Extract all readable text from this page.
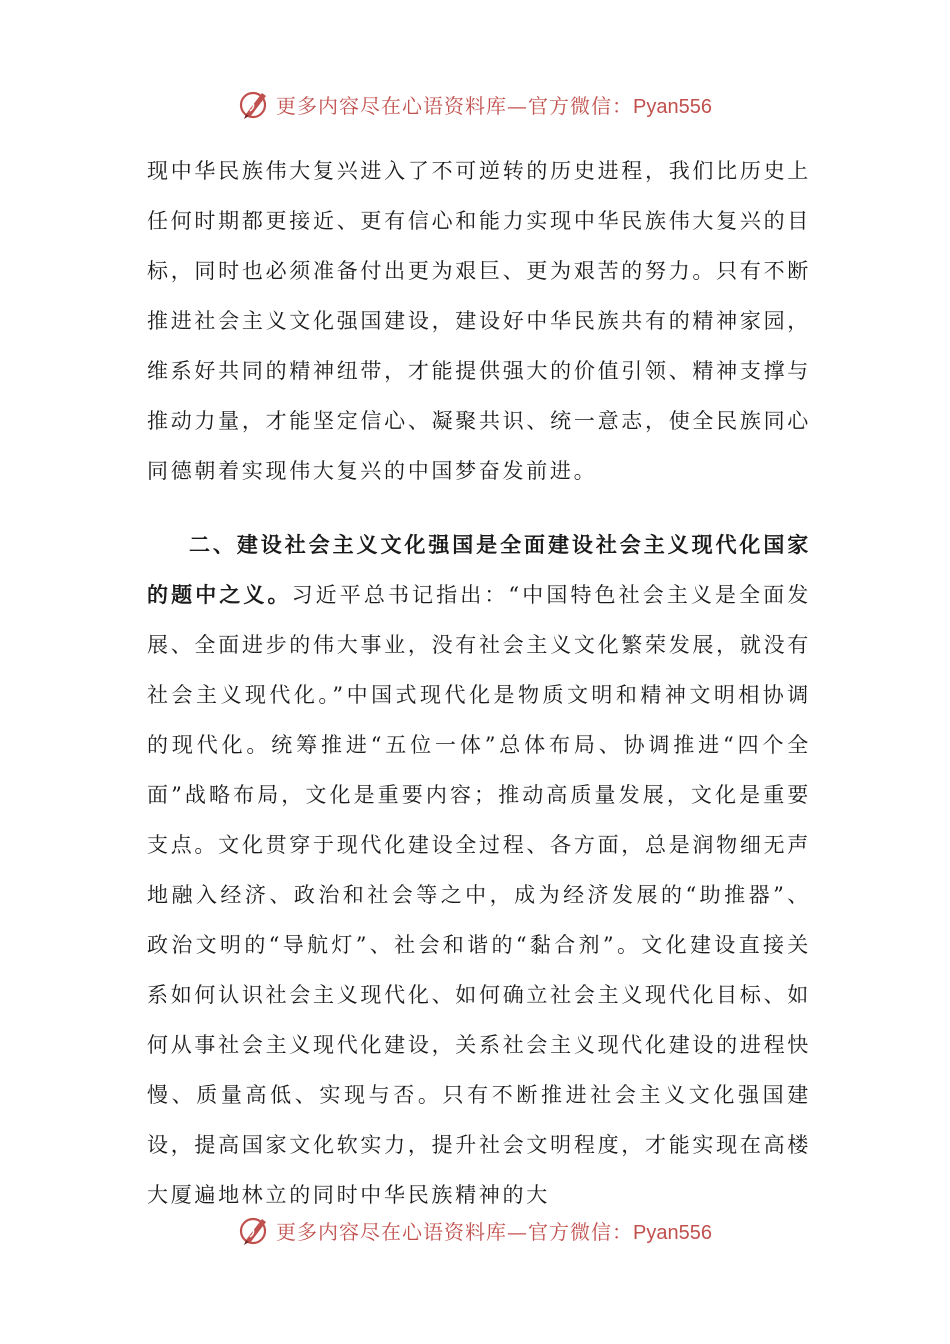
更多内容尽在心语资料库—官方微信：Pyan556

现中华民族伟大复兴进入了不可逆转的历史进程，我们比历史上任何时期都更接近、更有信心和能力实现中华民族伟大复兴的目标，同时也必须准备付出更为艰巨、更为艰苦的努力。只有不断推进社会主义文化强国建设，建设好中华民族共有的精神家园，维系好共同的精神纽带，才能提供强大的价值引领、精神支撑与推动力量，才能坚定信心、凝聚共识、统一意志，使全民族同心同德朝着实现伟大复兴的中国梦奋发前进。

二、建设社会主义文化强国是全面建设社会主义现代化国家的题中之义。习近平总书记指出：“中国特色社会主义是全面发展、全面进步的伟大事业，没有社会主义文化繁荣发展，就没有社会主义现代化。”中国式现代化是物质文明和精神文明相协调的现代化。统筹推进“五位一体”总体布局、协调推进“四个全面”战略布局，文化是重要内容；推动高质量发展，文化是重要支点。文化贯穿于现代化建设全过程、各方面，总是润物细无声地融入经济、政治和社会等之中，成为经济发展的“助推器”、政治文明的“导航灯”、社会和谐的“黏合剂”。文化建设直接关系如何认识社会主义现代化、如何确立社会主义现代化目标、如何从事社会主义现代化建设，关系社会主义现代化建设的进程快慢、质量高低、实现与否。只有不断推进社会主义文化强国建设，提高国家文化软实力，提升社会文明程度，才能实现在高楼大厦遍地林立的同时中华民族精神的大

更多内容尽在心语资料库—官方微信：Pyan556
